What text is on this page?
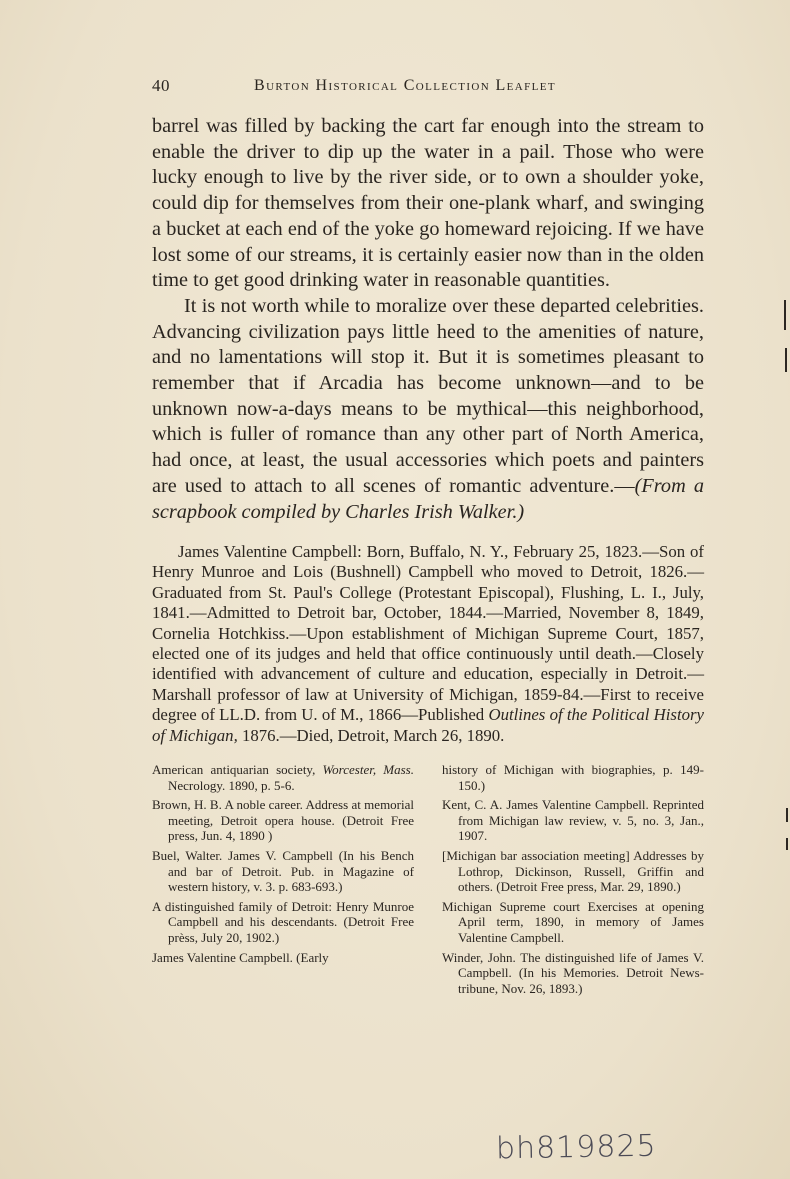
40	Burton Historical Collection Leaflet

barrel was filled by backing the cart far enough into the stream to enable the driver to dip up the water in a pail. Those who were lucky enough to live by the river side, or to own a shoulder yoke, could dip for themselves from their one-plank wharf, and swinging a bucket at each end of the yoke go homeward rejoicing. If we have lost some of our streams, it is certainly easier now than in the olden time to get good drinking water in reasonable quantities.

It is not worth while to moralize over these departed celebrities. Advancing civilization pays little heed to the amenities of nature, and no lamentations will stop it. But it is sometimes pleasant to remember that if Arcadia has become unknown—and to be unknown now-a-days means to be mythical—this neighborhood, which is fuller of romance than any other part of North America, had once, at least, the usual accessories which poets and painters are used to attach to all scenes of romantic adventure.—(From a scrapbook compiled by Charles Irish Walker.)

James Valentine Campbell: Born, Buffalo, N. Y., February 25, 1823.—Son of Henry Munroe and Lois (Bushnell) Campbell who moved to Detroit, 1826.—Graduated from St. Paul's College (Protestant Episcopal), Flushing, L. I., July, 1841.—Admitted to Detroit bar, October, 1844.—Married, November 8, 1849, Cornelia Hotchkiss.—Upon establishment of Michigan Supreme Court, 1857, elected one of its judges and held that office continuously until death.—Closely identified with advancement of culture and education, especially in Detroit.—Marshall professor of law at University of Michigan, 1859-84.—First to receive degree of LL.D. from U. of M., 1866—Published Outlines of the Political History of Michigan, 1876.—Died, Detroit, March 26, 1890.

American antiquarian society, Worcester, Mass. Necrology. 1890, p. 5-6.

Brown, H. B. A noble career. Address at memorial meeting, Detroit opera house. (Detroit Free press, Jun. 4, 1890 )

Buel, Walter. James V. Campbell (In his Bench and bar of Detroit. Pub. in Magazine of western history, v. 3. p. 683-693.)

A distinguished family of Detroit: Henry Munroe Campbell and his descendants. (Detroit Free prèss, July 20, 1902.)

James Valentine Campbell. (Early

history of Michigan with biographies, p. 149-150.)

Kent, C. A. James Valentine Campbell. Reprinted from Michigan law review, v. 5, no. 3, Jan., 1907.

[Michigan bar association meeting] Addresses by Lothrop, Dickinson, Russell, Griffin and others. (Detroit Free press, Mar. 29, 1890.)

Michigan Supreme court Exercises at opening April term, 1890, in memory of James Valentine Campbell.

Winder, John. The distinguished life of James V. Campbell. (In his Memories. Detroit News-tribune, Nov. 26, 1893.)

bh819825
